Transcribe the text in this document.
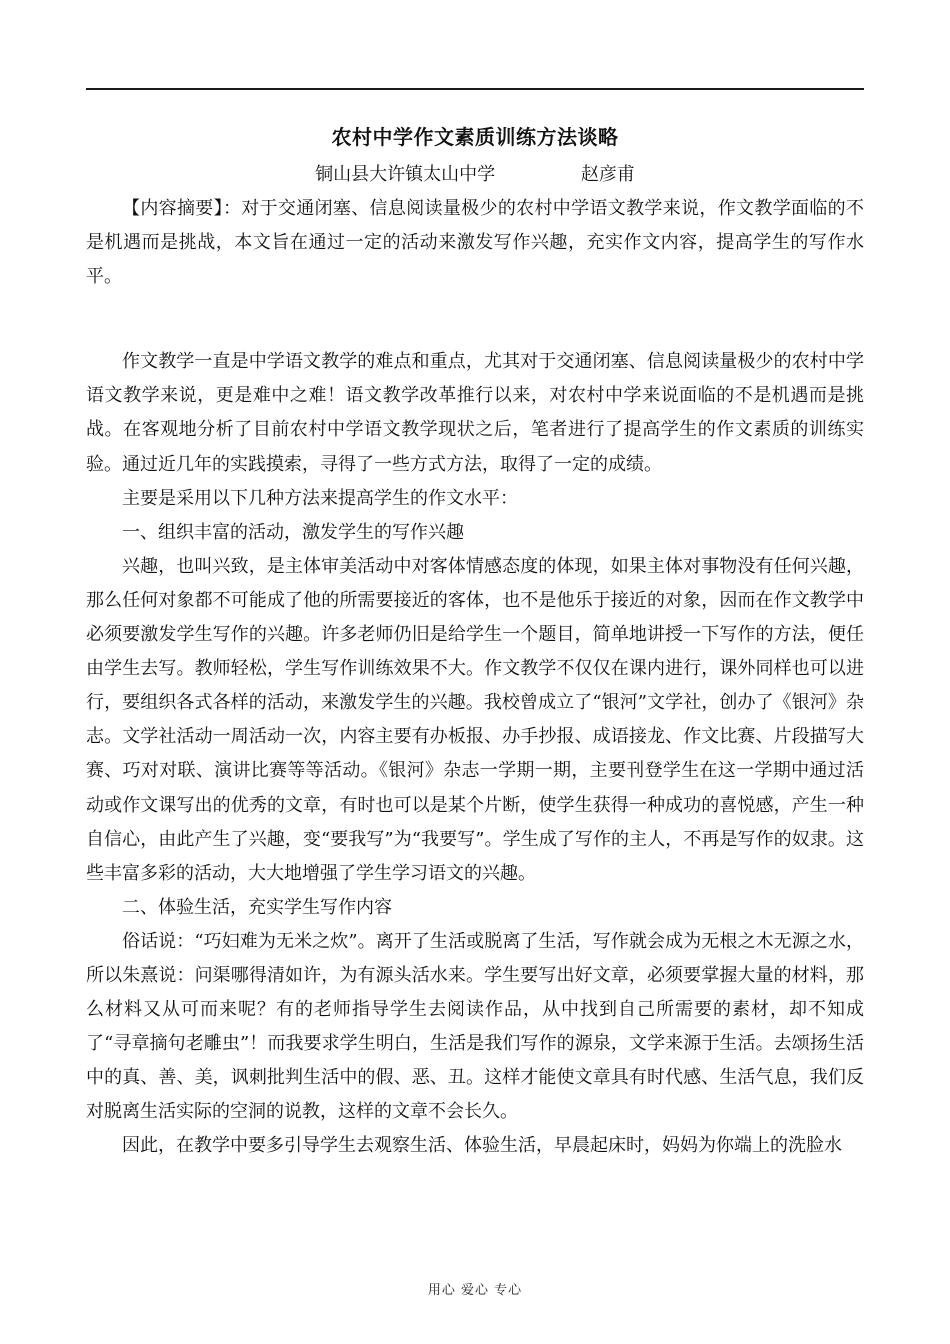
农村中学作文素质训练方法谈略
铜山县大许镇太山中学	赵彦甫

【内容摘要】：对于交通闭塞、信息阅读量极少的农村中学语文教学来说，作文教学面临的不是机遇而是挑战，本文旨在通过一定的活动来激发写作兴趣，充实作文内容，提高学生的写作水平。

作文教学一直是中学语文教学的难点和重点，尤其对于交通闭塞、信息阅读量极少的农村中学语文教学来说，更是难中之难！语文教学改革推行以来，对农村中学来说面临的不是机遇而是挑战。在客观地分析了目前农村中学语文教学现状之后，笔者进行了提高学生的作文素质的训练实验。通过近几年的实践摸索，寻得了一些方式方法，取得了一定的成绩。

主要是采用以下几种方法来提高学生的作文水平：

一、组织丰富的活动，激发学生的写作兴趣

兴趣，也叫兴致，是主体审美活动中对客体情感态度的体现，如果主体对事物没有任何兴趣，那么任何对象都不可能成了他的所需要接近的客体，也不是他乐于接近的对象，因而在作文教学中必须要激发学生写作的兴趣。许多老师仍旧是给学生一个题目，简单地讲授一下写作的方法，便任由学生去写。教师轻松，学生写作训练效果不大。作文教学不仅仅在课内进行，课外同样也可以进行，要组织各式各样的活动，来激发学生的兴趣。我校曾成立了“银河”文学社，创办了《银河》杂志。文学社活动一周活动一次，内容主要有办板报、办手抄报、成语接龙、作文比赛、片段描写大赛、巧对对联、演讲比赛等等活动。《银河》杂志一学期一期，主要刊登学生在这一学期中通过活动或作文课写出的优秀的文章，有时也可以是某个片断，使学生获得一种成功的喜悦感，产生一种自信心，由此产生了兴趣，变“要我写”为“我要写”。学生成了写作的主人，不再是写作的奴隶。这些丰富多彩的活动，大大地增强了学生学习语文的兴趣。

二、体验生活，充实学生写作内容

俗话说：“巧妇难为无米之炊”。离开了生活或脱离了生活，写作就会成为无根之木无源之水，所以朱熹说：问渠哪得清如许，为有源头活水来。学生要写出好文章，必须要掌握大量的材料，那么材料又从可而来呢？有的老师指导学生去阅读作品，从中找到自己所需要的素材，却不知成了“寻章摘句老雕虫”！而我要求学生明白，生活是我们写作的源泉，文学来源于生活。去颂扬生活中的真、善、美，讽刺批判生活中的假、恶、丑。这样才能使文章具有时代感、生活气息，我们反对脱离生活实际的空洞的说教，这样的文章不会长久。

因此，在教学中要多引导学生去观察生活、体验生活，早晨起床时，妈妈为你端上的洗脸水

用心 爱心 专心
